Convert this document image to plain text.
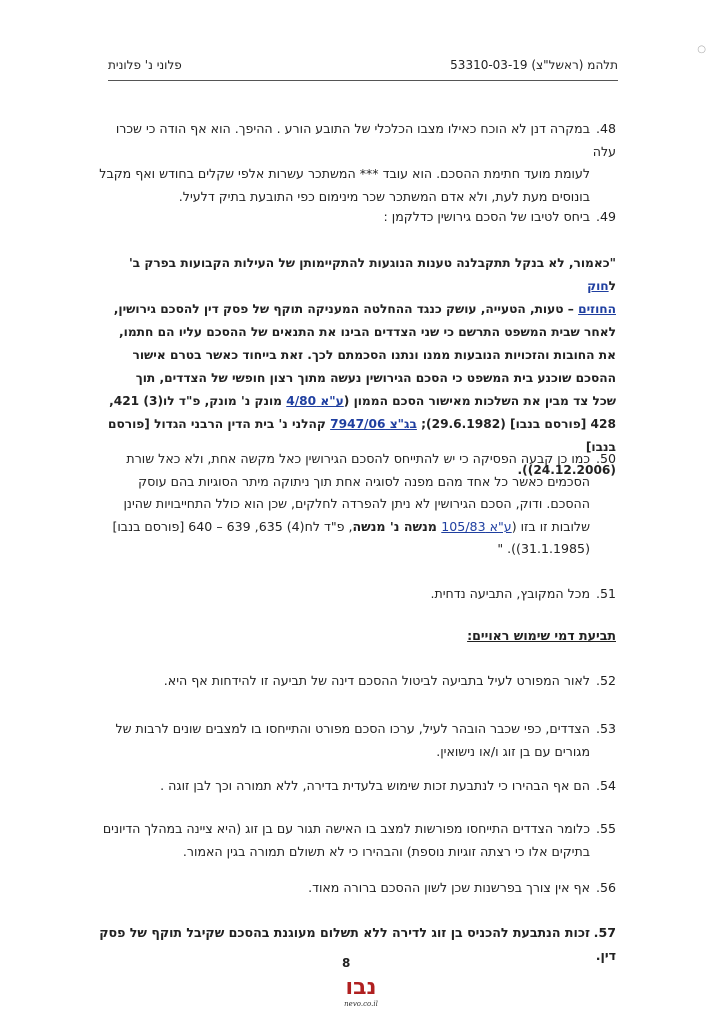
○
פלוני נ' פלונית	תלהמ (ראשל"צ) 53310-03-19
48.במקרה דנן לא הוכח כאילו מצבו הכלכלי של התובע הורע . ההיפך. הוא אף הודה כי שכרו עלה
לעומת מועד חתימת ההסכם. הוא עובד *** המשתכר עשרות אלפי שקלים בחודש ואף מקבל
בונוסים מעת לעת, ולא אדם המשתכר שכר מינימום כפי התובעת בתיק דלעיל.
49.ביחס לטיבו של הסכם גירושין כדלקמן :
"כאמור, לא בנקל תתקבלנה טענות הנוגעות להתקיימותן של העילות הקבועות בפרק ב' לחוק
החוזים – טעות, הטעייה, עושק כנגד ההחלטה המעניקה תוקף של פסק דין להסכם גירושין,
לאחר שבית המשפט התרשם כי שני הצדדים הבינו את התנאים של ההסכם עליו הם חתמו,
את החובות והזכויות הנובעות ממנו ונתנו הסכמתם לכך. זאת בייחוד כאשר בטרם אישור
ההסכם שוכנע בית המשפט כי הסכם הגירושין נעשה מתוך רצון חופשי של הצדדים, תוך
שכל צד מבין את השלכות מאישור הסכם הממון (ע"א 4/80 מונק נ' מונק, פ"ד לו(3) 421,
428 [פורסם בנבו] (29.6.1982); בג"צ 7947/06 קהלני נ' בית הדין הרבני הגדול [פורסם בנבו]
(24.12.2006)).
50.כמו כן קבעה הפסיקה כי יש להתייחס להסכם הגירושין כאל מקשה אחת, ולא כאל שורת
הסכמים כאשר כל אחד מהם מפנה לסוגיה אחת תוך ניתוקה מיתר הסוגיות בהם עוסק
ההסכם. ודוק, הסכם הגירושין לא ניתן להפרדה לחלקים, שכן הוא כולל התחייבויות שהינן
שלובות זו בזו (ע"א 105/83 מנשה נ' מנשה, פ"ד לח(4) 635, 639 – 640 [פורסם בנבו]
(31.1.1985)). "
51.מכל המקובץ, התביעה נדחית.
תביעת דמי שימוש ראויים:
52.לאור המפורט לעיל בתביעה לביטול ההסכם דינה של תביעה זו להידחות אף היא.
53.הצדדים, כפי שכבר הובהר לעיל, ערכו הסכם מפורט והתייחסו בו למצבים שונים לרבות של
מגורים עם בן זוג ו/או נישואין.
54.הם אף הבהירו כי לנתבעת זכות שימוש בלעדית בדירה, ללא תמורה וכך לבן זוגה .
55.כלומר הצדדים התייחסו מפורשות למצב בו האישה תגור עם בן זוג (היא ציינה במהלך הדיונים
בתיקים אלו כי רצתה זוגיות נוספת) והבהירו כי לא תשולם תמורה בגין האמור.
56.אף אין צורך בפרשנות שכן לשון ההסכם ברורה מאוד.
57.זכות הנתבעת להכניס בן זוג לדירה ללא תשלום מעוגנת בהסכם שקיבל תוקף של פסק דין.
8
נבו
nevo.co.il
